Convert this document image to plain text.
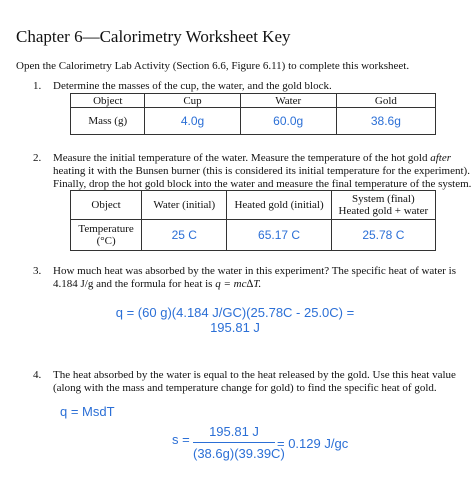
Chapter 6—Calorimetry Worksheet Key
Open the Calorimetry Lab Activity (Section 6.6, Figure 6.11) to complete this worksheet.
1. Determine the masses of the cup, the water, and the gold block.
Object	Cup	Water	Gold
Mass (g)	4.0g	60.0g	38.6g
2. Measure the initial temperature of the water. Measure the temperature of the hot gold after
heating it with the Bunsen burner (this is considered its initial temperature for the experiment).
Finally, drop the hot gold block into the water and measure the final temperature of the system.
Object	Water (initial)	Heated gold (initial)	System (final)
Heated gold + water

Temperature
(°C)	25 C	65.17 C	25.78 C
3. How much heat was absorbed by the water in this experiment? The specific heat of water is
4.184 J/g and the formula for heat is q = mc∆T.
q = (60 g)(4.184 J/GC)(25.78C - 25.0C) =
195.81 J
4. The heat absorbed by the water is equal to the heat released by the gold. Use this heat value
(along with the mass and temperature change for gold) to find the specific heat of gold.
q = MsdT
s =
195.81 J
(38.6g)(39.39C)
= 0.129 J/gc
